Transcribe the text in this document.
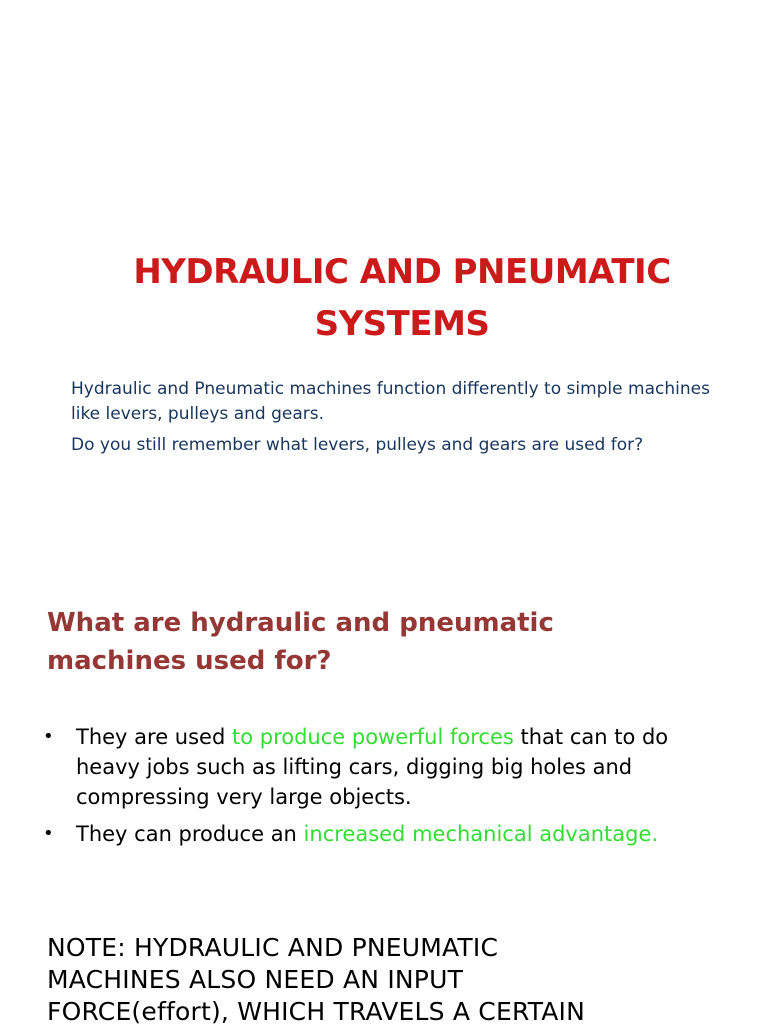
HYDRAULIC AND PNEUMATIC
SYSTEMS

Hydraulic and Pneumatic machines function differently to simple machines like levers, pulleys and gears.

Do you still remember what levers, pulleys and gears are used for?

What are hydraulic and pneumatic machines used for?
• They are used to produce powerful forces that can to do heavy jobs such as lifting cars, digging big holes and compressing very large objects.
• They can produce an increased mechanical advantage.

NOTE: HYDRAULIC AND PNEUMATIC
MACHINES ALSO NEED AN INPUT
FORCE(effort), WHICH TRAVELS A CERTAIN
